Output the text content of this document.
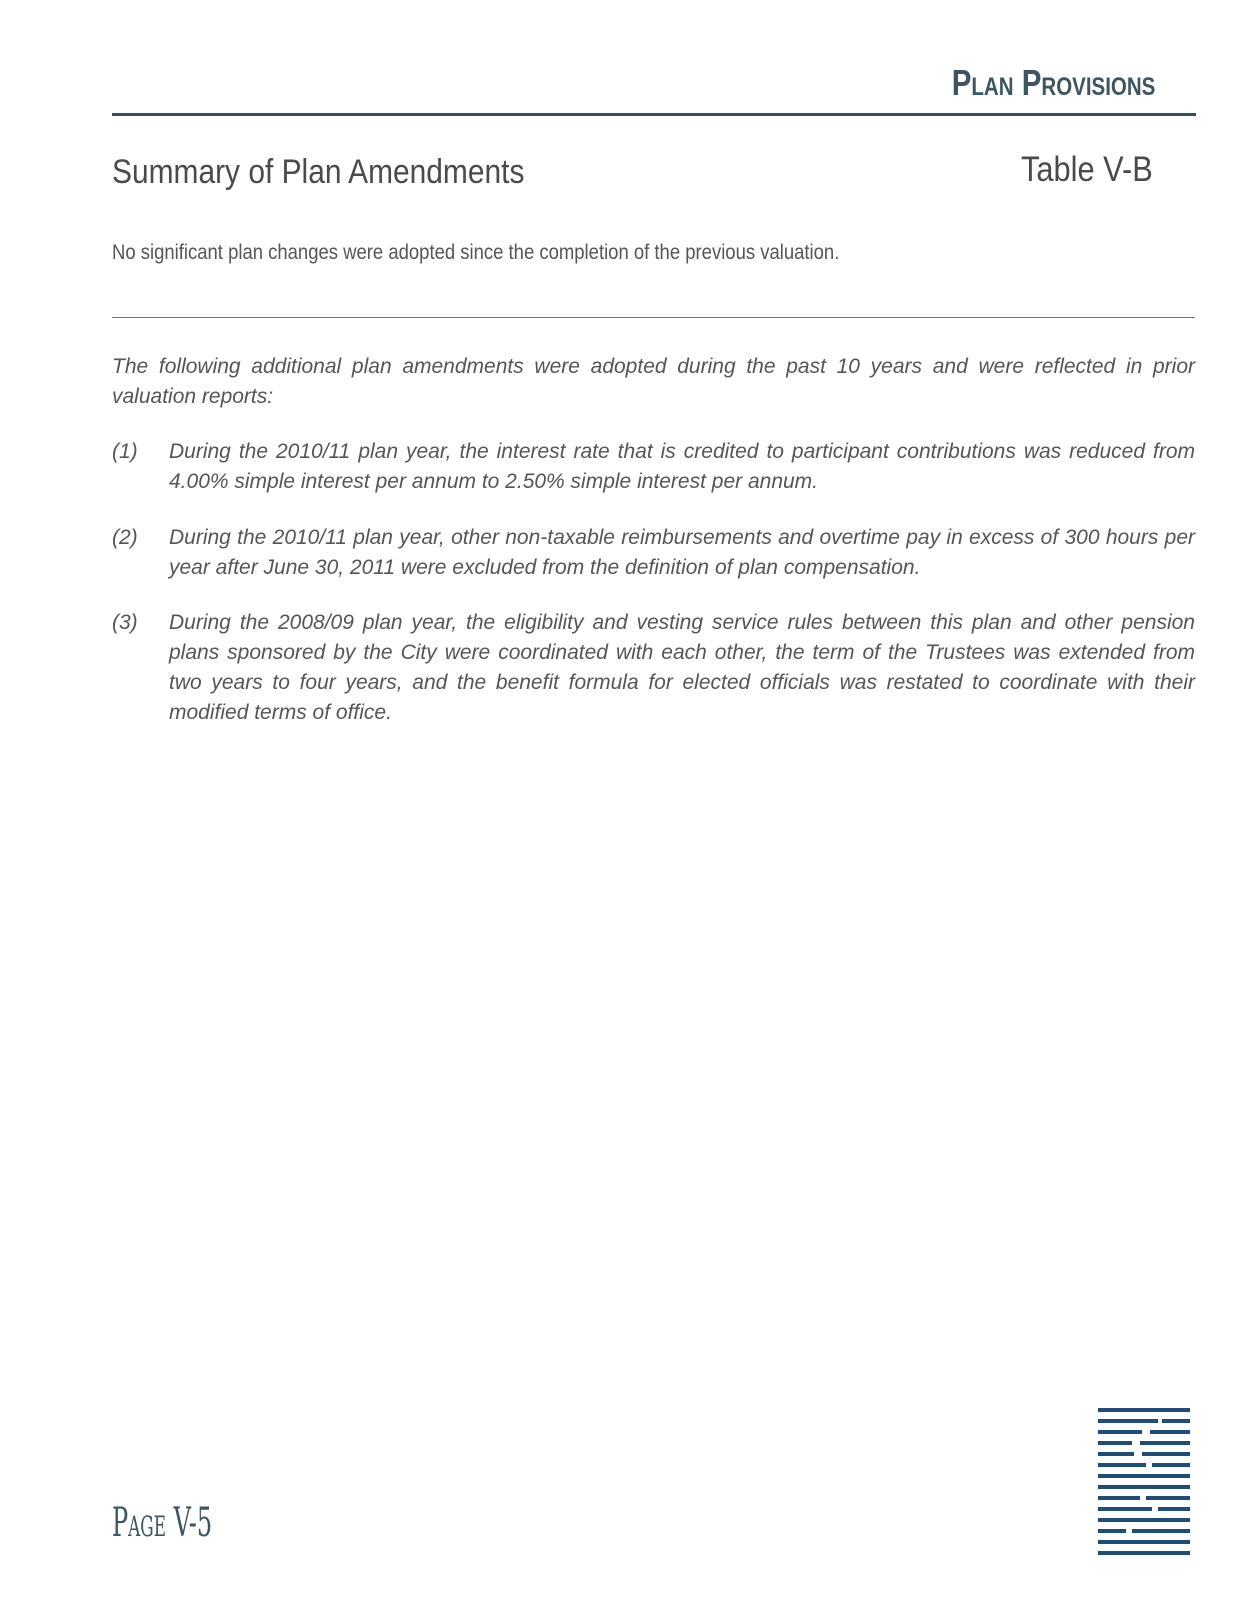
Plan Provisions
Summary of Plan Amendments	Table V-B
No significant plan changes were adopted since the completion of the previous valuation.
The following additional plan amendments were adopted during the past 10 years and were reflected in prior valuation reports:
(1)	During the 2010/11 plan year, the interest rate that is credited to participant contributions was reduced from 4.00% simple interest per annum to 2.50% simple interest per annum.
(2)	During the 2010/11 plan year, other non-taxable reimbursements and overtime pay in excess of 300 hours per year after June 30, 2011 were excluded from the definition of plan compensation.
(3)	During the 2008/09 plan year, the eligibility and vesting service rules between this plan and other pension plans sponsored by the City were coordinated with each other, the term of the Trustees was extended from two years to four years, and the benefit formula for elected officials was restated to coordinate with their modified terms of office.
Page V-5
